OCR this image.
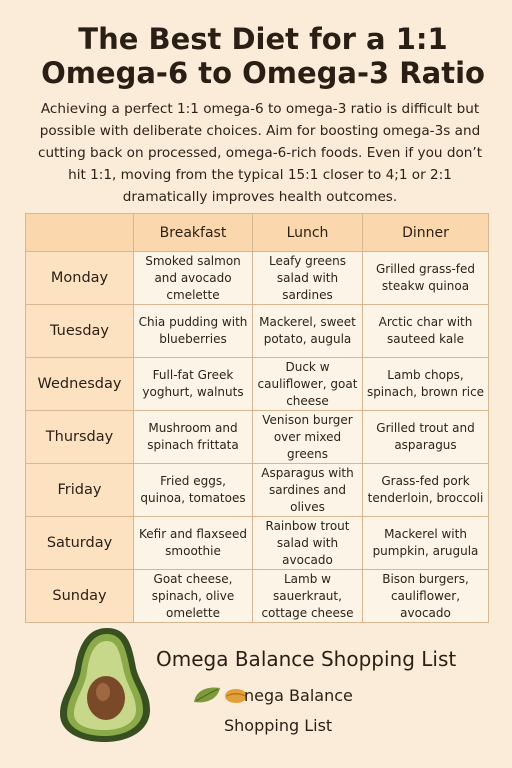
The Best Diet for a 1:1 Omega-6 to Omega-3 Ratio
Achieving a perfect 1:1 omega-6 to omega-3 ratio is difficult but possible with deliberate choices. Aim for boosting omega-3s and cutting back on processed, omega-6-rich foods. Even if you don’t hit 1:1, moving from the typical 15:1 closer to 4;1 or 2:1 dramatically improves health outcomes.
	Breakfast	Lunch	Dinner
Monday	Smoked salmon and avocado cmelette	Leafy greens salad with sardines	Grilled grass-fed steakw quinoa
Tuesday	Chia pudding with blueberries	Mackerel, sweet potato, augula	Arctic char with sauteed kale
Wednesday	Full-fat Greek yoghurt, walnuts	Duck w cauliflower, goat cheese	Lamb chops, spinach, brown rice
Thursday	Mushroom and spinach frittata	Venison burger over mixed greens	Grilled trout and asparagus
Friday	Fried eggs, quinoa, tomatoes	Asparagus with sardines and olives	Grass-fed pork tenderloin, broccoli
Saturday	Kefir and flaxseed smoothie	Rainbow trout salad with avocado	Mackerel with pumpkin, arugula
Sunday	Goat cheese, spinach, olive omelette	Lamb w sauerkraut, cottage cheese	Bison burgers, cauliflower, avocado
Omega Balance Shopping List
nega Balance
Shopping List
